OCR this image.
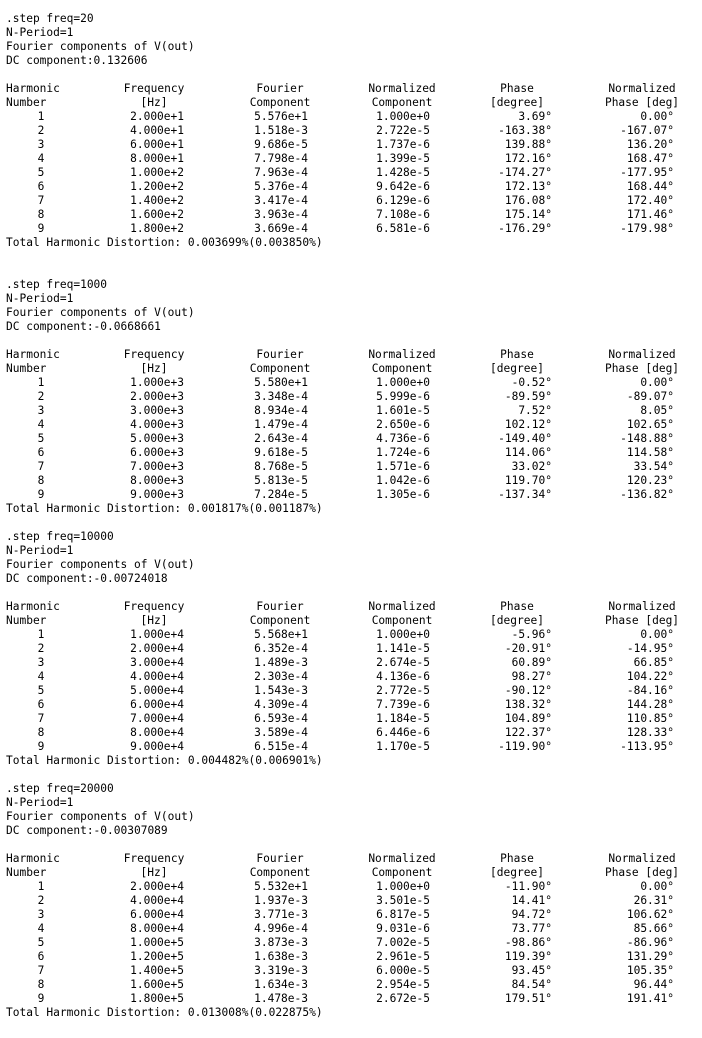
.step freq=20
N-Period=1
Fourier components of V(out)
DC component:0.132606
Harmonic	Frequency	Fourier	Normalized	Phase	Normalized
Number	[Hz]	Component	Component	[degree]	Phase [deg]
1	2.000e+1	5.576e+1	1.000e+0	3.69°	0.00°
2	4.000e+1	1.518e-3	2.722e-5	-163.38°	-167.07°
3	6.000e+1	9.686e-5	1.737e-6	139.88°	136.20°
4	8.000e+1	7.798e-4	1.399e-5	172.16°	168.47°
5	1.000e+2	7.963e-4	1.428e-5	-174.27°	-177.95°
6	1.200e+2	5.376e-4	9.642e-6	172.13°	168.44°
7	1.400e+2	3.417e-4	6.129e-6	176.08°	172.40°
8	1.600e+2	3.963e-4	7.108e-6	175.14°	171.46°
9	1.800e+2	3.669e-4	6.581e-6	-176.29°	-179.98°
Total Harmonic Distortion: 0.003699%(0.003850%)
.step freq=1000
N-Period=1
Fourier components of V(out)
DC component:-0.0668661
Harmonic	Frequency	Fourier	Normalized	Phase	Normalized
Number	[Hz]	Component	Component	[degree]	Phase [deg]
1	1.000e+3	5.580e+1	1.000e+0	-0.52°	0.00°
2	2.000e+3	3.348e-4	5.999e-6	-89.59°	-89.07°
3	3.000e+3	8.934e-4	1.601e-5	7.52°	8.05°
4	4.000e+3	1.479e-4	2.650e-6	102.12°	102.65°
5	5.000e+3	2.643e-4	4.736e-6	-149.40°	-148.88°
6	6.000e+3	9.618e-5	1.724e-6	114.06°	114.58°
7	7.000e+3	8.768e-5	1.571e-6	33.02°	33.54°
8	8.000e+3	5.813e-5	1.042e-6	119.70°	120.23°
9	9.000e+3	7.284e-5	1.305e-6	-137.34°	-136.82°
Total Harmonic Distortion: 0.001817%(0.001187%)
.step freq=10000
N-Period=1
Fourier components of V(out)
DC component:-0.00724018
Harmonic	Frequency	Fourier	Normalized	Phase	Normalized
Number	[Hz]	Component	Component	[degree]	Phase [deg]
1	1.000e+4	5.568e+1	1.000e+0	-5.96°	0.00°
2	2.000e+4	6.352e-4	1.141e-5	-20.91°	-14.95°
3	3.000e+4	1.489e-3	2.674e-5	60.89°	66.85°
4	4.000e+4	2.303e-4	4.136e-6	98.27°	104.22°
5	5.000e+4	1.543e-3	2.772e-5	-90.12°	-84.16°
6	6.000e+4	4.309e-4	7.739e-6	138.32°	144.28°
7	7.000e+4	6.593e-4	1.184e-5	104.89°	110.85°
8	8.000e+4	3.589e-4	6.446e-6	122.37°	128.33°
9	9.000e+4	6.515e-4	1.170e-5	-119.90°	-113.95°
Total Harmonic Distortion: 0.004482%(0.006901%)
.step freq=20000
N-Period=1
Fourier components of V(out)
DC component:-0.00307089
Harmonic	Frequency	Fourier	Normalized	Phase	Normalized
Number	[Hz]	Component	Component	[degree]	Phase [deg]
1	2.000e+4	5.532e+1	1.000e+0	-11.90°	0.00°
2	4.000e+4	1.937e-3	3.501e-5	14.41°	26.31°
3	6.000e+4	3.771e-3	6.817e-5	94.72°	106.62°
4	8.000e+4	4.996e-4	9.031e-6	73.77°	85.66°
5	1.000e+5	3.873e-3	7.002e-5	-98.86°	-86.96°
6	1.200e+5	1.638e-3	2.961e-5	119.39°	131.29°
7	1.400e+5	3.319e-3	6.000e-5	93.45°	105.35°
8	1.600e+5	1.634e-3	2.954e-5	84.54°	96.44°
9	1.800e+5	1.478e-3	2.672e-5	179.51°	191.41°
Total Harmonic Distortion: 0.013008%(0.022875%)
